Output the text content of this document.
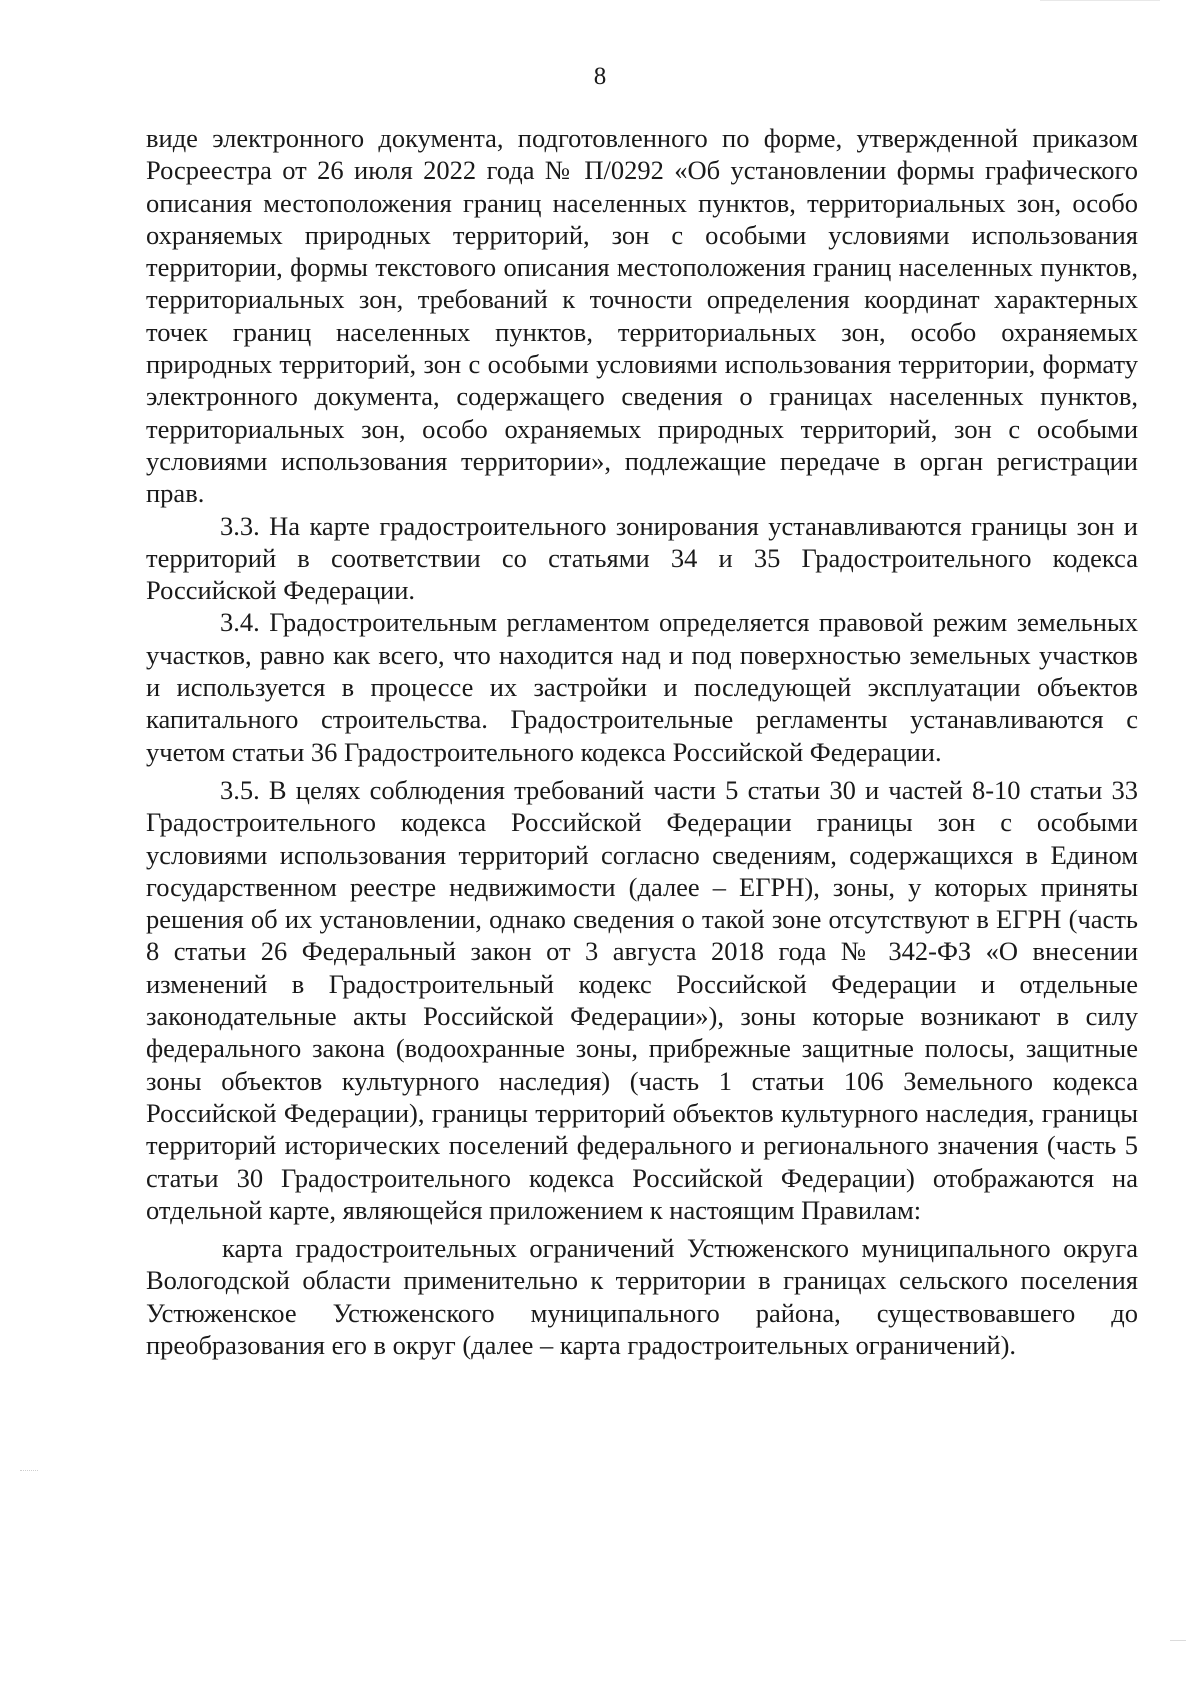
8

виде электронного документа, подготовленного по форме, утвержденной приказом Росреестра от 26 июля 2022 года № П/0292 «Об установлении формы графического описания местоположения границ населенных пунктов, территориальных зон, особо охраняемых природных территорий, зон с особыми условиями использования территории, формы текстового описания местоположения границ населенных пунктов, территориальных зон, требований к точности определения координат характерных точек границ населенных пунктов, территориальных зон, особо охраняемых природных территорий, зон с особыми условиями использования территории, формату электронного документа, содержащего сведения о границах населенных пунктов, территориальных зон, особо охраняемых природных территорий, зон с особыми условиями использования территории», подлежащие передаче в орган регистрации прав.

3.3. На карте градостроительного зонирования устанавливаются границы зон и территорий в соответствии со статьями 34 и 35 Градостроительного кодекса Российской Федерации.

3.4. Градостроительным регламентом определяется правовой режим земельных участков, равно как всего, что находится над и под поверхностью земельных участков и используется в процессе их застройки и последующей эксплуатации объектов капитального строительства. Градостроительные регламенты устанавливаются с учетом статьи 36 Градостроительного кодекса Российской Федерации.

3.5. В целях соблюдения требований части 5 статьи 30 и частей 8-10 статьи 33 Градостроительного кодекса Российской Федерации границы зон с особыми условиями использования территорий согласно сведениям, содержащихся в Едином государственном реестре недвижимости (далее – ЕГРН), зоны, у которых приняты решения об их установлении, однако сведения о такой зоне отсутствуют в ЕГРН (часть 8 статьи 26 Федеральный закон от 3 августа 2018 года № 342-ФЗ «О внесении изменений в Градостроительный кодекс Российской Федерации и отдельные законодательные акты Российской Федерации»), зоны которые возникают в силу федерального закона (водоохранные зоны, прибрежные защитные полосы, защитные зоны объектов культурного наследия) (часть 1 статьи 106 Земельного кодекса Российской Федерации), границы территорий объектов культурного наследия, границы территорий исторических поселений федерального и регионального значения (часть 5 статьи 30 Градостроительного кодекса Российской Федерации) отображаются на отдельной карте, являющейся приложением к настоящим Правилам:

карта градостроительных ограничений Устюженского муниципального округа Вологодской области применительно к территории в границах сельского поселения Устюженское Устюженского муниципального района, существовавшего до преобразования его в округ (далее – карта градостроительных ограничений).
